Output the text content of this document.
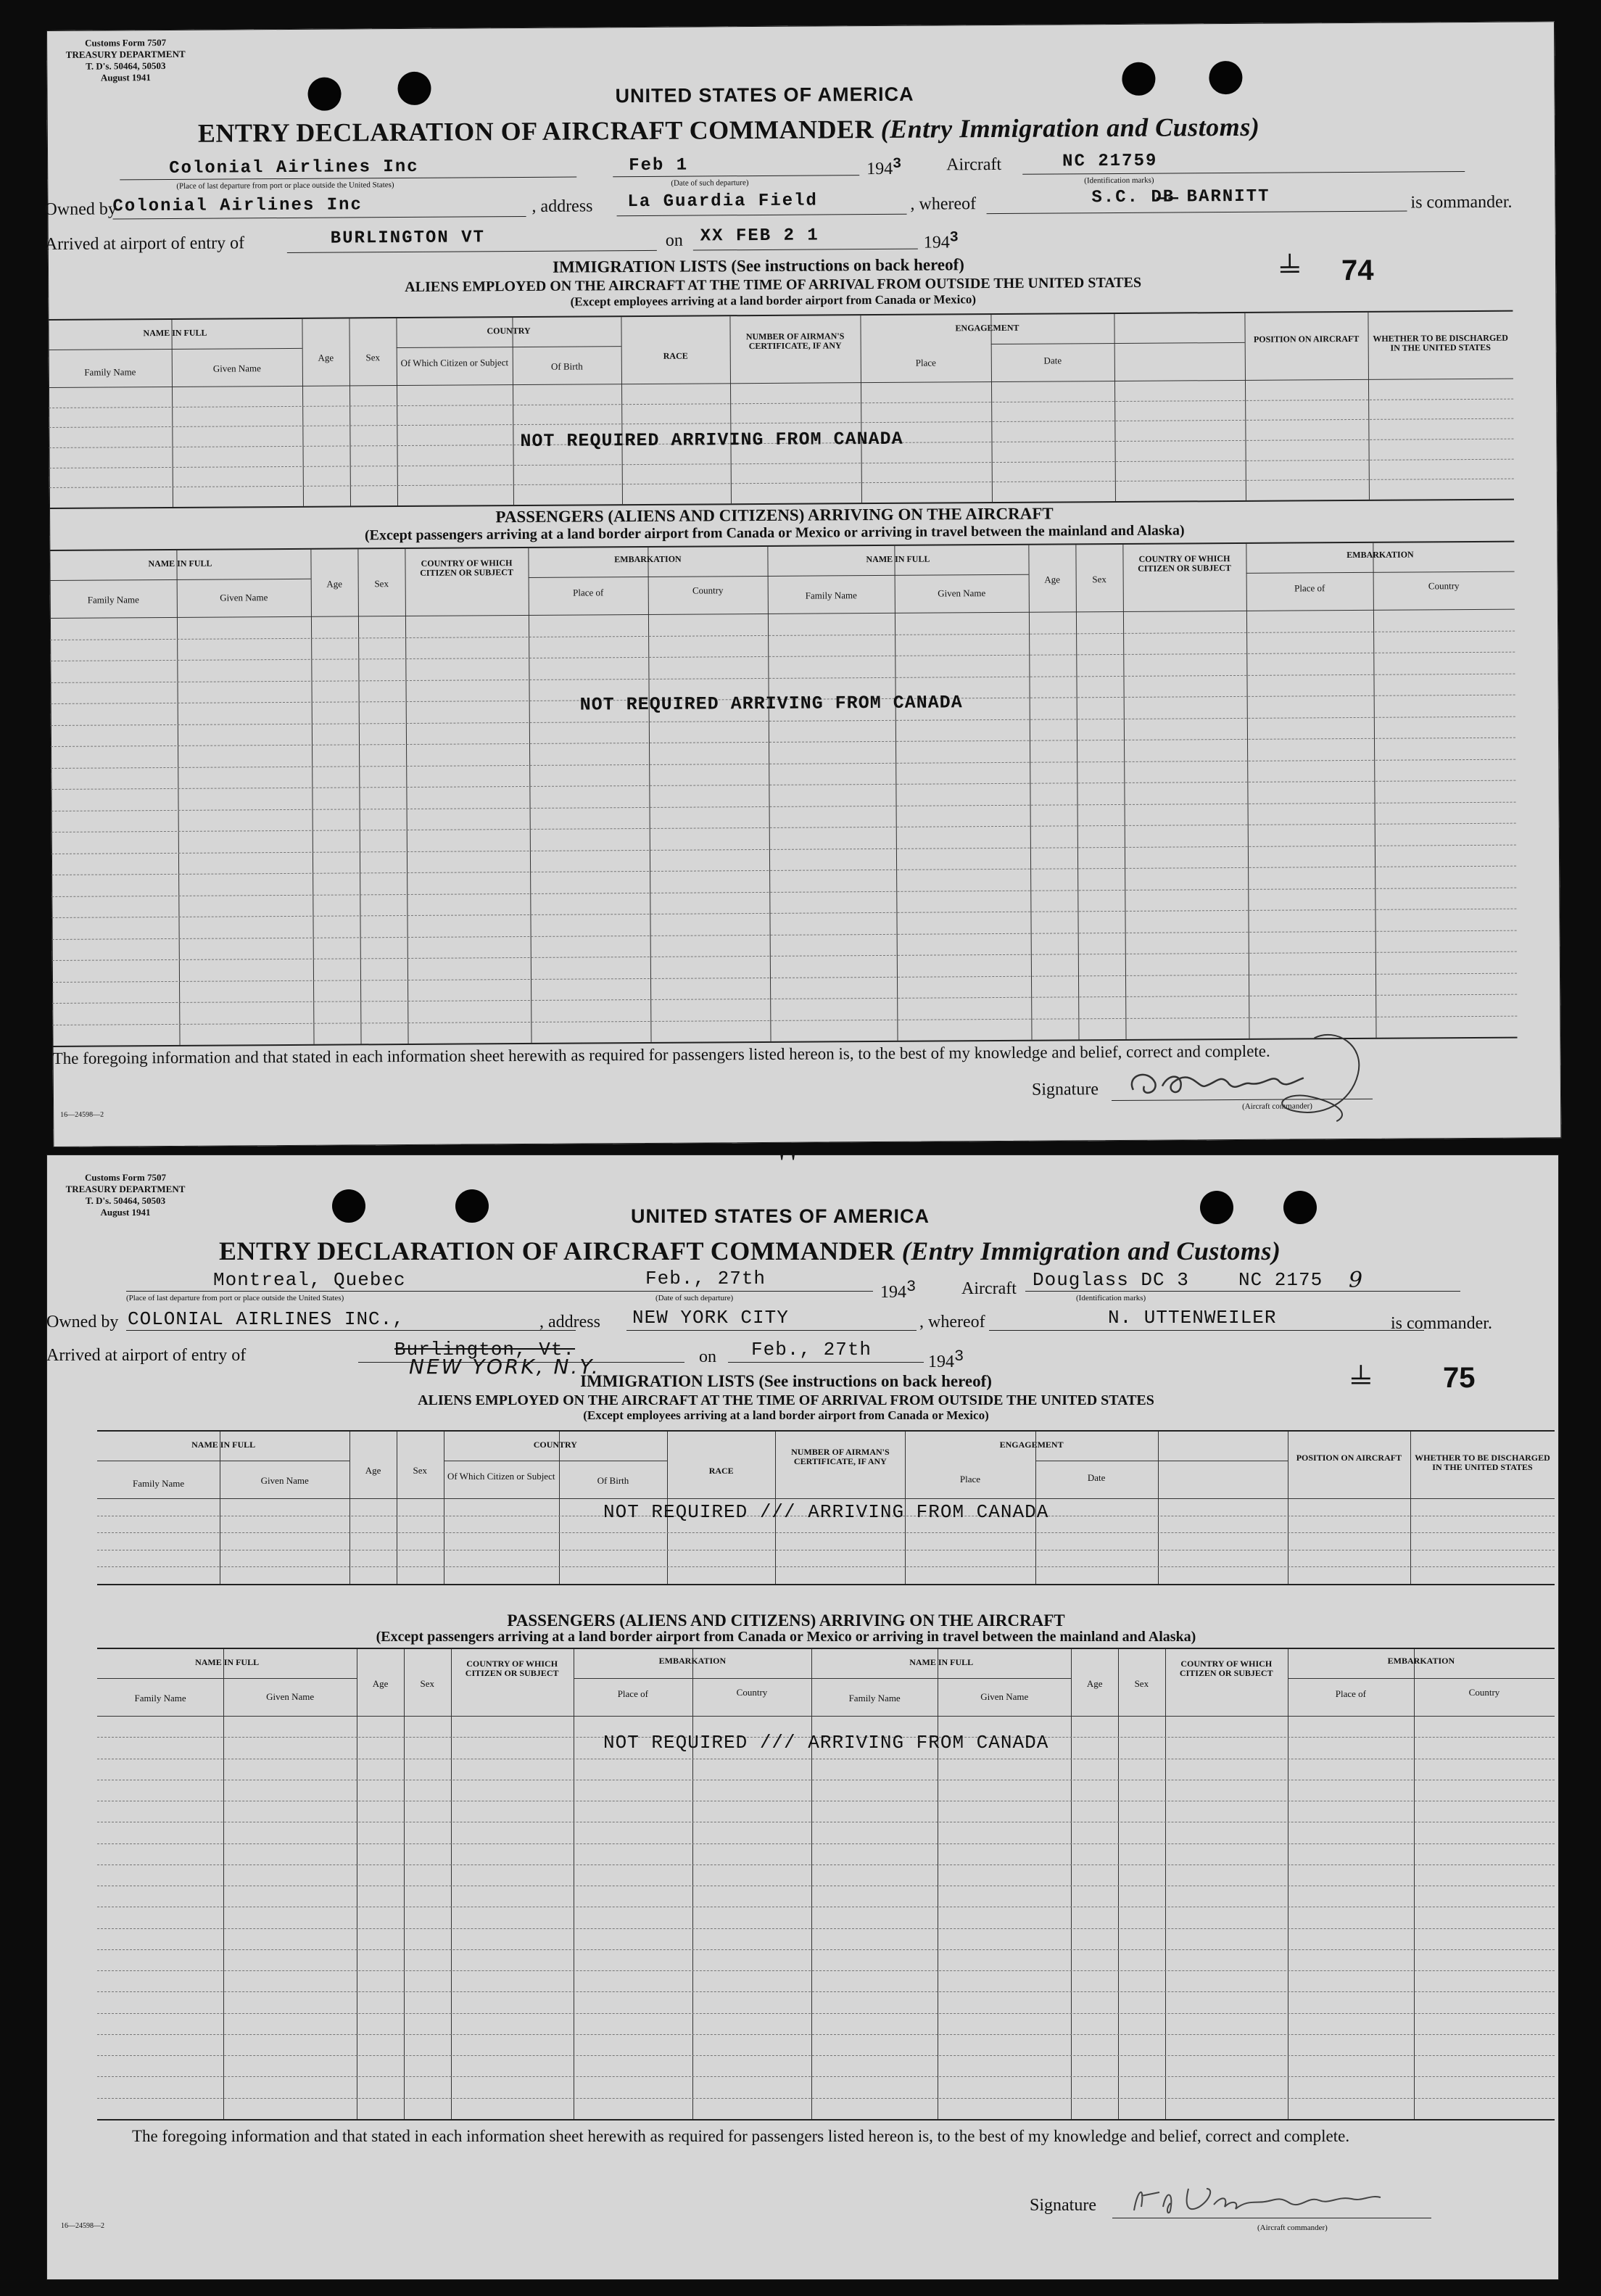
Customs Form 7507
TREASURY DEPARTMENT
T. D's. 50464, 50503
August 1941
UNITED STATES OF AMERICA
ENTRY DECLARATION OF AIRCRAFT COMMANDER (Entry Immigration and Customs)
Colonial Airlines Inc	Feb 1	$194^3$ Aircraft	NC 21759
(Place of last departure from port or place outside the United States)	(Date of such departure)	(Identification marks)
Owned by
Colonial Airlines Inc	, address La Guardia Field	, whereof	S.C. D̶B̶ BARNITT	is commander.
Arrived at airport of entry of	BURLINGTON VT	on XX FEB 2 1	$194^3$
74
╧
IMMIGRATION LISTS (See instructions on back hereof)
ALIENS EMPLOYED ON THE AIRCRAFT AT THE TIME OF ARRIVAL FROM OUTSIDE THE UNITED STATES
(Except employees arriving at a land border airport from Canada or Mexico)
NAME IN FULL
Family Name	Given Name
Age	Sex
COUNTRY
Of Which Citizen or Subject	Of Birth
RACE
NUMBER OF AIRMAN'S CERTIFICATE, IF ANY
ENGAGEMENT
Place	Date
POSITION ON AIRCRAFT	WHETHER TO BE DISCHARGED IN THE UNITED STATES
NOT REQUIRED ARRIVING FROM CANADA
PASSENGERS (ALIENS AND CITIZENS) ARRIVING ON THE AIRCRAFT
(Except passengers arriving at a land border airport from Canada or Mexico or arriving in travel between the mainland and Alaska)
NAME IN FULL
Family Name	Given Name
Age	Sex
COUNTRY OF WHICH CITIZEN OR SUBJECT
EMBARKATION
Place of	Country
NAME IN FULL
Family Name	Given Name
Age	Sex
COUNTRY OF WHICH CITIZEN OR SUBJECT
EMBARKATION
Place of	Country
NOT REQUIRED ARRIVING FROM CANADA
The foregoing information and that stated in each information sheet herewith as required for passengers listed hereon is, to the best of my knowledge and belief, correct and complete.
Signature
(Aircraft commander)
16—24598—2
Customs Form 7507
TREASURY DEPARTMENT
T. D's. 50464, 50503
August 1941
' '
UNITED STATES OF AMERICA
ENTRY DECLARATION OF AIRCRAFT COMMANDER (Entry Immigration and Customs)
Montreal, Quebec	Feb., 27th
$194^3$	Aircraft Douglass DC 3	NC 2175 9
(Place of last departure from port or place outside the United States)	(Date of such departure)	(Identification marks)
Owned by COLONIAL AIRLINES INC.,	, address NEW YORK CITY	, whereof	N. UTTENWEILER	is commander.
Arrived at airport of entry of	Burlington, Vt.
NEW YORK, N.Y.	on Feb., 27th
$194^3$
75
╧
IMMIGRATION LISTS (See instructions on back hereof)
ALIENS EMPLOYED ON THE AIRCRAFT AT THE TIME OF ARRIVAL FROM OUTSIDE THE UNITED STATES
(Except employees arriving at a land border airport from Canada or Mexico)
NAME IN FULL
Family Name	Given Name
Age	Sex
COUNTRY
Of Which Citizen or Subject	Of Birth
RACE
NUMBER OF AIRMAN'S CERTIFICATE, IF ANY
ENGAGEMENT
Place	Date
POSITION ON AIRCRAFT	WHETHER TO BE DISCHARGED IN THE UNITED STATES
NOT REQUIRED /// ARRIVING FROM CANADA
PASSENGERS (ALIENS AND CITIZENS) ARRIVING ON THE AIRCRAFT
(Except passengers arriving at a land border airport from Canada or Mexico or arriving in travel between the mainland and Alaska)
NAME IN FULL
Family Name	Given Name
Age	Sex
COUNTRY OF WHICH CITIZEN OR SUBJECT
EMBARKATION
Place of	Country
NAME IN FULL
Family Name	Given Name
Age	Sex
COUNTRY OF WHICH CITIZEN OR SUBJECT
EMBARKATION
Place of	Country
NOT REQUIRED /// ARRIVING FROM CANADA
The foregoing information and that stated in each information sheet herewith as required for passengers listed hereon is, to the best of my knowledge and belief, correct and complete.
Signature
(Aircraft commander)
16—24598—2
